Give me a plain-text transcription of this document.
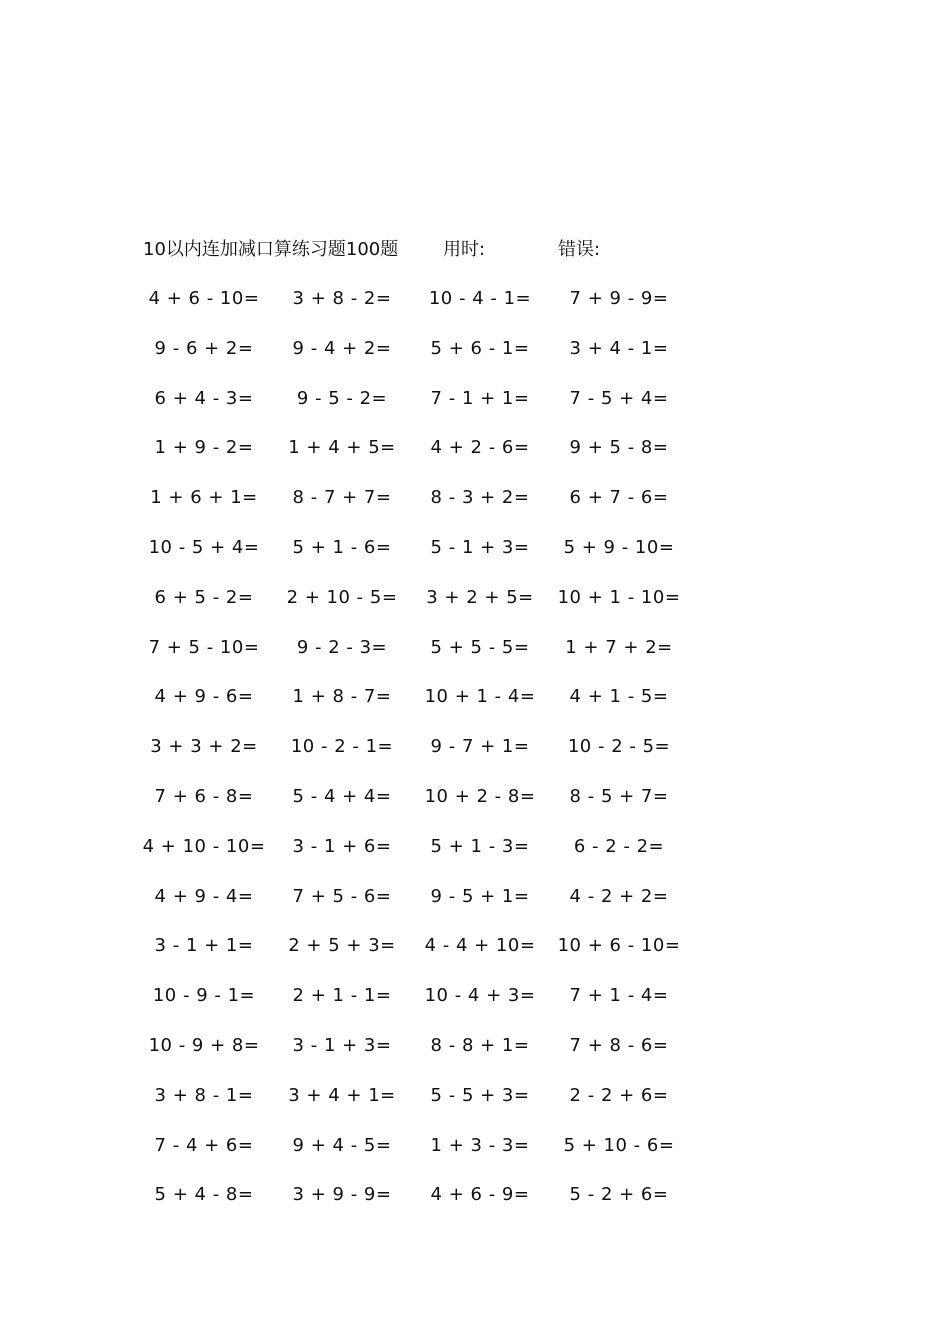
10以内连加减口算练习题100题 用时:	错误:
4 + 6 - 10=	3 + 8 - 2=	10 - 4 - 1=	7 + 9 - 9=
9 - 6 + 2=	9 - 4 + 2=	5 + 6 - 1=	3 + 4 - 1=
6 + 4 - 3=	9 - 5 - 2=	7 - 1 + 1=	7 - 5 + 4=
1 + 9 - 2=	1 + 4 + 5=	4 + 2 - 6=	9 + 5 - 8=
1 + 6 + 1=	8 - 7 + 7=	8 - 3 + 2=	6 + 7 - 6=
10 - 5 + 4=	5 + 1 - 6=	5 - 1 + 3=	5 + 9 - 10=
6 + 5 - 2=	2 + 10 - 5=	3 + 2 + 5=	10 + 1 - 10=
7 + 5 - 10=	9 - 2 - 3=	5 + 5 - 5=	1 + 7 + 2=
4 + 9 - 6=	1 + 8 - 7=	10 + 1 - 4=	4 + 1 - 5=
3 + 3 + 2=	10 - 2 - 1=	9 - 7 + 1=	10 - 2 - 5=
7 + 6 - 8=	5 - 4 + 4=	10 + 2 - 8=	8 - 5 + 7=
4 + 10 - 10=	3 - 1 + 6=	5 + 1 - 3=	6 - 2 - 2=
4 + 9 - 4=	7 + 5 - 6=	9 - 5 + 1=	4 - 2 + 2=
3 - 1 + 1=	2 + 5 + 3=	4 - 4 + 10=	10 + 6 - 10=
10 - 9 - 1=	2 + 1 - 1=	10 - 4 + 3=	7 + 1 - 4=
10 - 9 + 8=	3 - 1 + 3=	8 - 8 + 1=	7 + 8 - 6=
3 + 8 - 1=	3 + 4 + 1=	5 - 5 + 3=	2 - 2 + 6=
7 - 4 + 6=	9 + 4 - 5=	1 + 3 - 3=	5 + 10 - 6=
5 + 4 - 8=	3 + 9 - 9=	4 + 6 - 9=	5 - 2 + 6=
